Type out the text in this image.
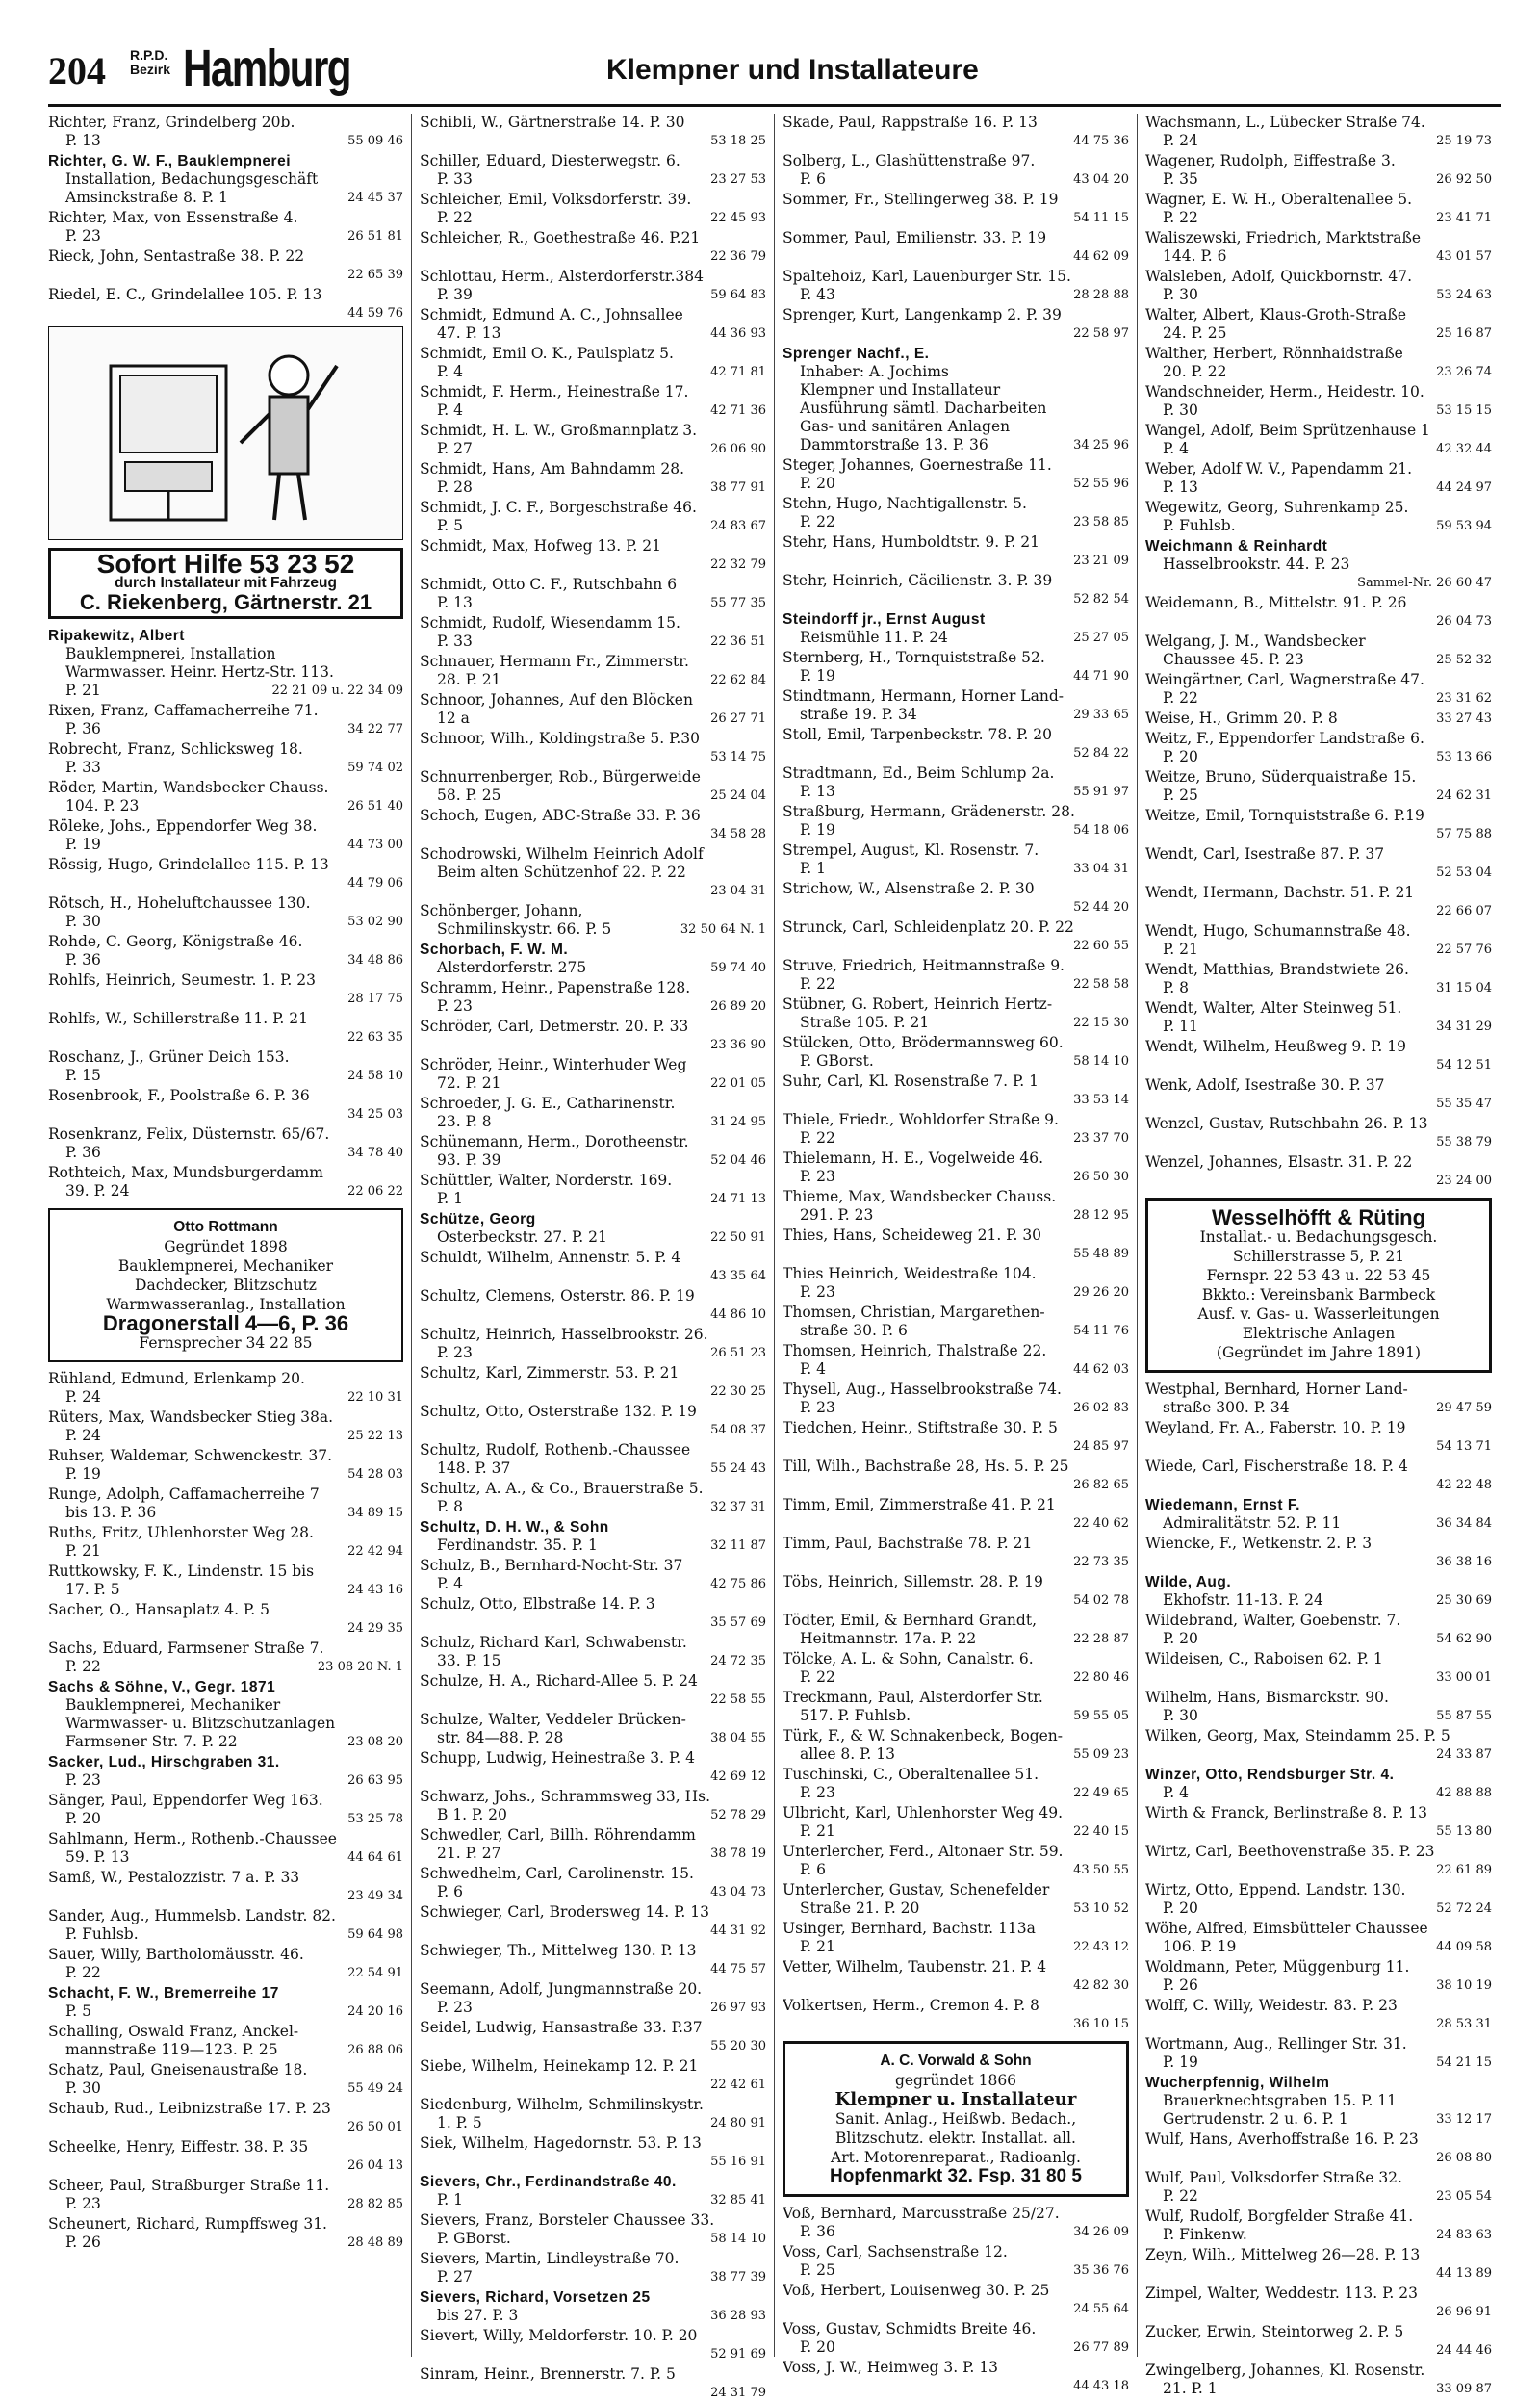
204 R.P.D.
Bezirk Hamburg	Klempner und Installateure
Richter, Franz, Grindelberg 20b.
55 09 46
P. 13
Richter, G. W. F., Bauklempnerei
Installation, Bedachungsgeschäft
24 45 37
Amsinckstraße 8. P. 1
Richter, Max, von Essenstraße 4.
26 51 81
P. 23
Rieck, John, Sentastraße 38. P. 22
22 65 39
Riedel, E. C., Grindelallee 105. P. 13
44 59 76
Sofort Hilfe 53 23 52
durch Installateur mit Fahrzeug
C. Riekenberg, Gärtnerstr. 21
Ripakewitz, Albert
Bauklempnerei, Installation
Warmwasser. Heinr. Hertz-Str. 113.
22 21 09 u. 22 34 09
P. 21
Rixen, Franz, Caffamacherreihe 71.
34 22 77
P. 36
Robrecht, Franz, Schlicksweg 18.
59 74 02
P. 33
Röder, Martin, Wandsbecker Chauss.
26 51 40
104. P. 23
Röleke, Johs., Eppendorfer Weg 38.
44 73 00
P. 19
Rössig, Hugo, Grindelallee 115. P. 13
44 79 06
Rötsch, H., Hoheluftchaussee 130.
53 02 90
P. 30
Rohde, C. Georg, Königstraße 46.
34 48 86
P. 36
Rohlfs, Heinrich, Seumestr. 1. P. 23
28 17 75
Rohlfs, W., Schillerstraße 11. P. 21
22 63 35
Roschanz, J., Grüner Deich 153.
24 58 10
P. 15
Rosenbrook, F., Poolstraße 6. P. 36
34 25 03
Rosenkranz, Felix, Düsternstr. 65/67.
34 78 40
P. 36
Rothteich, Max, Mundsburgerdamm
22 06 22
39. P. 24
Otto Rottmann
Gegründet 1898
Bauklempnerei, Mechaniker
Dachdecker, Blitzschutz
Warmwasseranlag., Installation
Dragonerstall 4—6, P. 36
Fernsprecher 34 22 85
Rühland, Edmund, Erlenkamp 20.
22 10 31
P. 24
Rüters, Max, Wandsbecker Stieg 38a.
25 22 13
P. 24
Ruhser, Waldemar, Schwenckestr. 37.
54 28 03
P. 19
Runge, Adolph, Caffamacherreihe 7
34 89 15
bis 13. P. 36
Ruths, Fritz, Uhlenhorster Weg 28.
22 42 94
P. 21
Ruttkowsky, F. K., Lindenstr. 15 bis
24 43 16
17. P. 5
Sacher, O., Hansaplatz 4. P. 5
24 29 35
Sachs, Eduard, Farmsener Straße 7.
23 08 20 N. 1
P. 22
Sachs & Söhne, V., Gegr. 1871
Bauklempnerei, Mechaniker
Warmwasser- u. Blitzschutzanlagen
23 08 20
Farmsener Str. 7. P. 22
Sacker, Lud., Hirschgraben 31.
26 63 95
P. 23
Sänger, Paul, Eppendorfer Weg 163.
53 25 78
P. 20
Sahlmann, Herm., Rothenb.-Chaussee
44 64 61
59. P. 13
Samß, W., Pestalozzistr. 7 a. P. 33
23 49 34
Sander, Aug., Hummelsb. Landstr. 82.
59 64 98
P. Fuhlsb.
Sauer, Willy, Bartholomäusstr. 46.
22 54 91
P. 22
Schacht, F. W., Bremerreihe 17
24 20 16
P. 5
Schalling, Oswald Franz, Anckel-
26 88 06
mannstraße 119—123. P. 25
Schatz, Paul, Gneisenaustraße 18.
55 49 24
P. 30
Schaub, Rud., Leibnizstraße 17. P. 23
26 50 01
Scheelke, Henry, Eiffestr. 38. P. 35
26 04 13
Scheer, Paul, Straßburger Straße 11.
28 82 85
P. 23
Scheunert, Richard, Rumpffsweg 31.
28 48 89
P. 26
Schibli, W., Gärtnerstraße 14. P. 30
53 18 25
Schiller, Eduard, Diesterwegstr. 6.
23 27 53
P. 33
Schleicher, Emil, Volksdorferstr. 39.
22 45 93
P. 22
Schleicher, R., Goethestraße 46. P.21
22 36 79
Schlottau, Herm., Alsterdorferstr.384
59 64 83
P. 39
Schmidt, Edmund A. C., Johnsallee
44 36 93
47. P. 13
Schmidt, Emil O. K., Paulsplatz 5.
42 71 81
P. 4
Schmidt, F. Herm., Heinestraße 17.
42 71 36
P. 4
Schmidt, H. L. W., Großmannplatz 3.
26 06 90
P. 27
Schmidt, Hans, Am Bahndamm 28.
38 77 91
P. 28
Schmidt, J. C. F., Borgeschstraße 46.
24 83 67
P. 5
Schmidt, Max, Hofweg 13. P. 21
22 32 79
Schmidt, Otto C. F., Rutschbahn 6
55 77 35
P. 13
Schmidt, Rudolf, Wiesendamm 15.
22 36 51
P. 33
Schnauer, Hermann Fr., Zimmerstr.
22 62 84
28. P. 21
Schnoor, Johannes, Auf den Blöcken
26 27 71
12 a
Schnoor, Wilh., Koldingstraße 5. P.30
53 14 75
Schnurrenberger, Rob., Bürgerweide
25 24 04
58. P. 25
Schoch, Eugen, ABC-Straße 33. P. 36
34 58 28
Schodrowski, Wilhelm Heinrich Adolf
Beim alten Schützenhof 22. P. 22
23 04 31
Schönberger, Johann,
32 50 64 N. 1
Schmilinskystr. 66. P. 5
Schorbach, F. W. M.
59 74 40
Alsterdorferstr. 275
Schramm, Heinr., Papenstraße 128.
26 89 20
P. 23
Schröder, Carl, Detmerstr. 20. P. 33
23 36 90
Schröder, Heinr., Winterhuder Weg
22 01 05
72. P. 21
Schroeder, J. G. E., Catharinenstr.
31 24 95
23. P. 8
Schünemann, Herm., Dorotheenstr.
52 04 46
93. P. 39
Schüttler, Walter, Norderstr. 169.
24 71 13
P. 1
Schütze, Georg
22 50 91
Osterbeckstr. 27. P. 21
Schuldt, Wilhelm, Annenstr. 5. P. 4
43 35 64
Schultz, Clemens, Osterstr. 86. P. 19
44 86 10
Schultz, Heinrich, Hasselbrookstr. 26.
26 51 23
P. 23
Schultz, Karl, Zimmerstr. 53. P. 21
22 30 25
Schultz, Otto, Osterstraße 132. P. 19
54 08 37
Schultz, Rudolf, Rothenb.-Chaussee
55 24 43
148. P. 37
Schultz, A. A., & Co., Brauerstraße 5.
32 37 31
P. 8
Schultz, D. H. W., & Sohn
32 11 87
Ferdinandstr. 35. P. 1
Schulz, B., Bernhard-Nocht-Str. 37
42 75 86
P. 4
Schulz, Otto, Elbstraße 14. P. 3
35 57 69
Schulz, Richard Karl, Schwabenstr.
24 72 35
33. P. 15
Schulze, H. A., Richard-Allee 5. P. 24
22 58 55
Schulze, Walter, Veddeler Brücken-
38 04 55
str. 84—88. P. 28
Schupp, Ludwig, Heinestraße 3. P. 4
42 69 12
Schwarz, Johs., Schrammsweg 33, Hs.
52 78 29
B 1. P. 20
Schwedler, Carl, Billh. Röhrendamm
38 78 19
21. P. 27
Schwedhelm, Carl, Carolinenstr. 15.
43 04 73
P. 6
Schwieger, Carl, Brodersweg 14. P. 13
44 31 92
Schwieger, Th., Mittelweg 130. P. 13
44 75 57
Seemann, Adolf, Jungmannstraße 20.
26 97 93
P. 23
Seidel, Ludwig, Hansastraße 33. P.37
55 20 30
Siebe, Wilhelm, Heinekamp 12. P. 21
22 42 61
Siedenburg, Wilhelm, Schmilinskystr.
24 80 91
1. P. 5
Siek, Wilhelm, Hagedornstr. 53. P. 13
55 16 91
Sievers, Chr., Ferdinandstraße 40.
32 85 41
P. 1
Sievers, Franz, Borsteler Chaussee 33.
58 14 10
P. GBorst.
Sievers, Martin, Lindleystraße 70.
38 77 39
P. 27
Sievers, Richard, Vorsetzen 25
36 28 93
bis 27. P. 3
Sievert, Willy, Meldorferstr. 10. P. 20
52 91 69
Sinram, Heinr., Brennerstr. 7. P. 5
24 31 79
Skade, Paul, Rappstraße 16. P. 13
44 75 36
Solberg, L., Glashüttenstraße 97.
43 04 20
P. 6
Sommer, Fr., Stellingerweg 38. P. 19
54 11 15
Sommer, Paul, Emilienstr. 33. P. 19
44 62 09
Spaltehoiz, Karl, Lauenburger Str. 15.
28 28 88
P. 43
Sprenger, Kurt, Langenkamp 2. P. 39
22 58 97
Sprenger Nachf., E.
Inhaber: A. Jochims
Klempner und Installateur
Ausführung sämtl. Dacharbeiten
Gas- und sanitären Anlagen
34 25 96
Dammtorstraße 13. P. 36
Steger, Johannes, Goernestraße 11.
52 55 96
P. 20
Stehn, Hugo, Nachtigallenstr. 5.
23 58 85
P. 22
Stehr, Hans, Humboldtstr. 9. P. 21
23 21 09
Stehr, Heinrich, Cäcilienstr. 3. P. 39
52 82 54
Steindorff jr., Ernst August
25 27 05
Reismühle 11. P. 24
Sternberg, H., Tornquiststraße 52.
44 71 90
P. 19
Stindtmann, Hermann, Horner Land-
29 33 65
straße 19. P. 34
Stoll, Emil, Tarpenbeckstr. 78. P. 20
52 84 22
Stradtmann, Ed., Beim Schlump 2a.
55 91 97
P. 13
Straßburg, Hermann, Grädenerstr. 28.
54 18 06
P. 19
Strempel, August, Kl. Rosenstr. 7.
33 04 31
P. 1
Strichow, W., Alsenstraße 2. P. 30
52 44 20
Strunck, Carl, Schleidenplatz 20. P. 22
22 60 55
Struve, Friedrich, Heitmannstraße 9.
22 58 58
P. 22
Stübner, G. Robert, Heinrich Hertz-
22 15 30
Straße 105. P. 21
Stülcken, Otto, Brödermannsweg 60.
58 14 10
P. GBorst.
Suhr, Carl, Kl. Rosenstraße 7. P. 1
33 53 14
Thiele, Friedr., Wohldorfer Straße 9.
23 37 70
P. 22
Thielemann, H. E., Vogelweide 46.
26 50 30
P. 23
Thieme, Max, Wandsbecker Chauss.
28 12 95
291. P. 23
Thies, Hans, Scheideweg 21. P. 30
55 48 89
Thies Heinrich, Weidestraße 104.
29 26 20
P. 23
Thomsen, Christian, Margarethen-
54 11 76
straße 30. P. 6
Thomsen, Heinrich, Thalstraße 22.
44 62 03
P. 4
Thysell, Aug., Hasselbrookstraße 74.
26 02 83
P. 23
Tiedchen, Heinr., Stiftstraße 30. P. 5
24 85 97
Till, Wilh., Bachstraße 28, Hs. 5. P. 25
26 82 65
Timm, Emil, Zimmerstraße 41. P. 21
22 40 62
Timm, Paul, Bachstraße 78. P. 21
22 73 35
Töbs, Heinrich, Sillemstr. 28. P. 19
54 02 78
Tödter, Emil, & Bernhard Grandt,
22 28 87
Heitmannstr. 17a. P. 22
Tölcke, A. L. & Sohn, Canalstr. 6.
22 80 46
P. 22
Treckmann, Paul, Alsterdorfer Str.
59 55 05
517. P. Fuhlsb.
Türk, F., & W. Schnakenbeck, Bogen-
55 09 23
allee 8. P. 13
Tuschinski, C., Oberaltenallee 51.
22 49 65
P. 23
Ulbricht, Karl, Uhlenhorster Weg 49.
22 40 15
P. 21
Unterlercher, Ferd., Altonaer Str. 59.
43 50 55
P. 6
Unterlercher, Gustav, Schenefelder
53 10 52
Straße 21. P. 20
Usinger, Bernhard, Bachstr. 113a
22 43 12
P. 21
Vetter, Wilhelm, Taubenstr. 21. P. 4
42 82 30
Volkertsen, Herm., Cremon 4. P. 8
36 10 15
A. C. Vorwald & Sohn
gegründet 1866
Klempner u. Installateur
Sanit. Anlag., Heißwb. Bedach.,
Blitzschutz. elektr. Installat. all.
Art. Motorenreparat., Radioanlg.
Hopfenmarkt 32. Fsp. 31 80 5
Voß, Bernhard, Marcusstraße 25/27.
34 26 09
P. 36
Voss, Carl, Sachsenstraße 12.
35 36 76
P. 25
Voß, Herbert, Louisenweg 30. P. 25
24 55 64
Voss, Gustav, Schmidts Breite 46.
26 77 89
P. 20
Voss, J. W., Heimweg 3. P. 13
44 43 18
Wachsmann, L., Lübecker Straße 74.
25 19 73
P. 24
Wagener, Rudolph, Eiffestraße 3.
26 92 50
P. 35
Wagner, E. W. H., Oberaltenallee 5.
23 41 71
P. 22
Waliszewski, Friedrich, Marktstraße
43 01 57
144. P. 6
Walsleben, Adolf, Quickbornstr. 47.
53 24 63
P. 30
Walter, Albert, Klaus-Groth-Straße
25 16 87
24. P. 25
Walther, Herbert, Rönnhaidstraße
23 26 74
20. P. 22
Wandschneider, Herm., Heidestr. 10.
53 15 15
P. 30
Wangel, Adolf, Beim Sprützenhause 1
42 32 44
P. 4
Weber, Adolf W. V., Papendamm 21.
44 24 97
P. 13
Wegewitz, Georg, Suhrenkamp 25.
59 53 94
P. Fuhlsb.
Weichmann & Reinhardt
Hasselbrookstr. 44. P. 23
Sammel-Nr. 26 60 47
Weidemann, B., Mittelstr. 91. P. 26
26 04 73
Welgang, J. M., Wandsbecker
25 52 32
Chaussee 45. P. 23
Weingärtner, Carl, Wagnerstraße 47.
23 31 62
P. 22
33 27 43
Weise, H., Grimm 20. P. 8
Weitz, F., Eppendorfer Landstraße 6.
53 13 66
P. 20
Weitze, Bruno, Süderquaistraße 15.
24 62 31
P. 25
Weitze, Emil, Tornquiststraße 6. P.19
57 75 88
Wendt, Carl, Isestraße 87. P. 37
52 53 04
Wendt, Hermann, Bachstr. 51. P. 21
22 66 07
Wendt, Hugo, Schumannstraße 48.
22 57 76
P. 21
Wendt, Matthias, Brandstwiete 26.
31 15 04
P. 8
Wendt, Walter, Alter Steinweg 51.
34 31 29
P. 11
Wendt, Wilhelm, Heußweg 9. P. 19
54 12 51
Wenk, Adolf, Isestraße 30. P. 37
55 35 47
Wenzel, Gustav, Rutschbahn 26. P. 13
55 38 79
Wenzel, Johannes, Elsastr. 31. P. 22
23 24 00
Wesselhöfft & Rüting
Installat.- u. Bedachungsgesch.
Schillerstrasse 5, P. 21
Fernspr. 22 53 43 u. 22 53 45
Bkkto.: Vereinsbank Barmbeck
Ausf. v. Gas- u. Wasserleitungen
Elektrische Anlagen
(Gegründet im Jahre 1891)
Westphal, Bernhard, Horner Land-
29 47 59
straße 300. P. 34
Weyland, Fr. A., Faberstr. 10. P. 19
54 13 71
Wiede, Carl, Fischerstraße 18. P. 4
42 22 48
Wiedemann, Ernst F.
36 34 84
Admiralitätstr. 52. P. 11
Wiencke, F., Wetkenstr. 2. P. 3
36 38 16
Wilde, Aug.
25 30 69
Ekhofstr. 11-13. P. 24
Wildebrand, Walter, Goebenstr. 7.
54 62 90
P. 20
Wildeisen, C., Raboisen 62. P. 1
33 00 01
Wilhelm, Hans, Bismarckstr. 90.
55 87 55
P. 30
Wilken, Georg, Max, Steindamm 25. P. 5
24 33 87
Winzer, Otto, Rendsburger Str. 4.
42 88 88
P. 4
Wirth & Franck, Berlinstraße 8. P. 13
55 13 80
Wirtz, Carl, Beethovenstraße 35. P. 23
22 61 89
Wirtz, Otto, Eppend. Landstr. 130.
52 72 24
P. 20
Wöhe, Alfred, Eimsbütteler Chaussee
44 09 58
106. P. 19
Woldmann, Peter, Müggenburg 11.
38 10 19
P. 26
Wolff, C. Willy, Weidestr. 83. P. 23
28 53 31
Wortmann, Aug., Rellinger Str. 31.
54 21 15
P. 19
Wucherpfennig, Wilhelm
Brauerknechtsgraben 15. P. 11
33 12 17
Gertrudenstr. 2 u. 6. P. 1
Wulf, Hans, Averhoffstraße 16. P. 23
26 08 80
Wulf, Paul, Volksdorfer Straße 32.
23 05 54
P. 22
Wulf, Rudolf, Borgfelder Straße 41.
24 83 63
P. Finkenw.
Zeyn, Wilh., Mittelweg 26—28. P. 13
44 13 89
Zimpel, Walter, Weddestr. 113. P. 23
26 96 91
Zucker, Erwin, Steintorweg 2. P. 5
24 44 46
Zwingelberg, Johannes, Kl. Rosenstr.
33 09 87
21. P. 1
